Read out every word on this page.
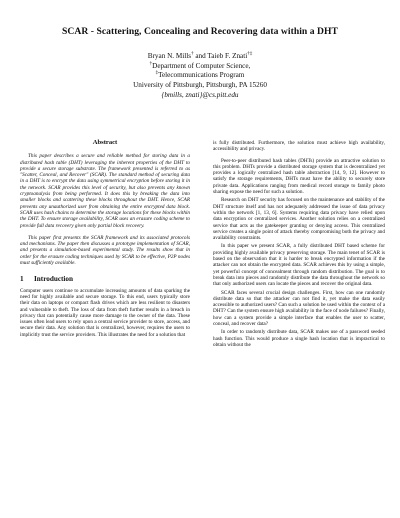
SCAR - Scattering, Concealing and Recovering data within a DHT
Bryan N. Mills† and Taieb F. Znati†‡
†Department of Computer Science,
‡Telecommunications Program
University of Pittsburgh, Pittsburgh, PA 15260
{bmills, znati}@cs.pitt.edu
Abstract

This paper describes a secure and reliable method for storing data in a distributed hash table (DHT) leveraging the inherent properties of the DHT to provide a secure storage substrate. The framework presented is referred to as "Scatter, Conceal, and Recover" (SCAR). The standard method of securing data in a DHT is to encrypt the data using symmetrical encryption before storing it in the network. SCAR provides this level of security, but also prevents any known cryptoanalysis from being performed. It does this by breaking the data into smaller blocks and scattering these blocks throughout the DHT. Hence, SCAR prevents any unauthorized user from obtaining the entire encrypted data block. SCAR uses hash chains to determine the storage locations for these blocks within the DHT. To ensure storage availability, SCAR uses an erasure coding scheme to provide full data recovery given only partial block recovery.

This paper first presents the SCAR framework and its associated protocols and mechanisms. The paper then discusses a prototype implementation of SCAR, and presents a simulation-based experimental study. The results show that in order for the erasure coding techniques used by SCAR to be effective, P2P nodes must sufficiently available.

1 Introduction

Computer users continue to accumulate increasing amounts of data sparking the need for highly available and secure storage. To this end, users typically store their data on laptops or compact flash drives which are less resilient to disasters and vulnerable to theft. The loss of data from theft further results in a breach in privacy that can potentially cause more damage to the owner of the data. These issues often lead users to rely upon a central service provider to store, access, and secure their data. Any solution that is centralized, however, requires the users to implicitly trust the service providers. This illustrates the need for a solution that

is fully distributed. Furthermore, the solution must achieve high availability, accessibility and privacy.

Peer-to-peer distributed hash tables (DHTs) provide an attractive solution to this problem. DHTs provide a distributed storage system that is decentralized yet provides a logically centralized hash table abstraction [14, 9, 12]. However to satisfy the storage requirements, DHTs must have the ability to securely store private data. Applications ranging from medical record storage to family photo sharing expose the need for such a solution.

Research on DHT security has focused on the maintenance and stability of the DHT structure itself and has not adequately addressed the issue of data privacy within the network [1, 13, 6]. Systems requiring data privacy have relied upon data encryption or centralized services. Another solution relies on a centralized service that acts as the gatekeeper granting or denying access. This centralized service creates a single point of attack thereby compromising both the privacy and availability constraints.

In this paper we present SCAR, a fully distributed DHT based scheme for providing highly available privacy preserving storage. The main tenet of SCAR is based on the observation that it is harder to break encrypted information if the attacker can not obtain the encrypted data. SCAR achieves this by using a simple, yet powerful concept of concealment through random distribution. The goal is to break data into pieces and randomly distribute the data throughout the network so that only authorized users can locate the pieces and recover the original data.

SCAR faces several crucial design challenges. First, how can one randomly distribute data so that the attacker can not find it, yet make the data easily accessible to authorized users? Can such a solution be used within the context of a DHT? Can the system ensure high availability in the face of node failures? Finally, how can a system provide a simple interface that enables the user to scatter, conceal, and recover data?

In order to randomly distribute data, SCAR makes use of a password seeded hash function. This would produce a single hash location that is impractical to obtain without the
